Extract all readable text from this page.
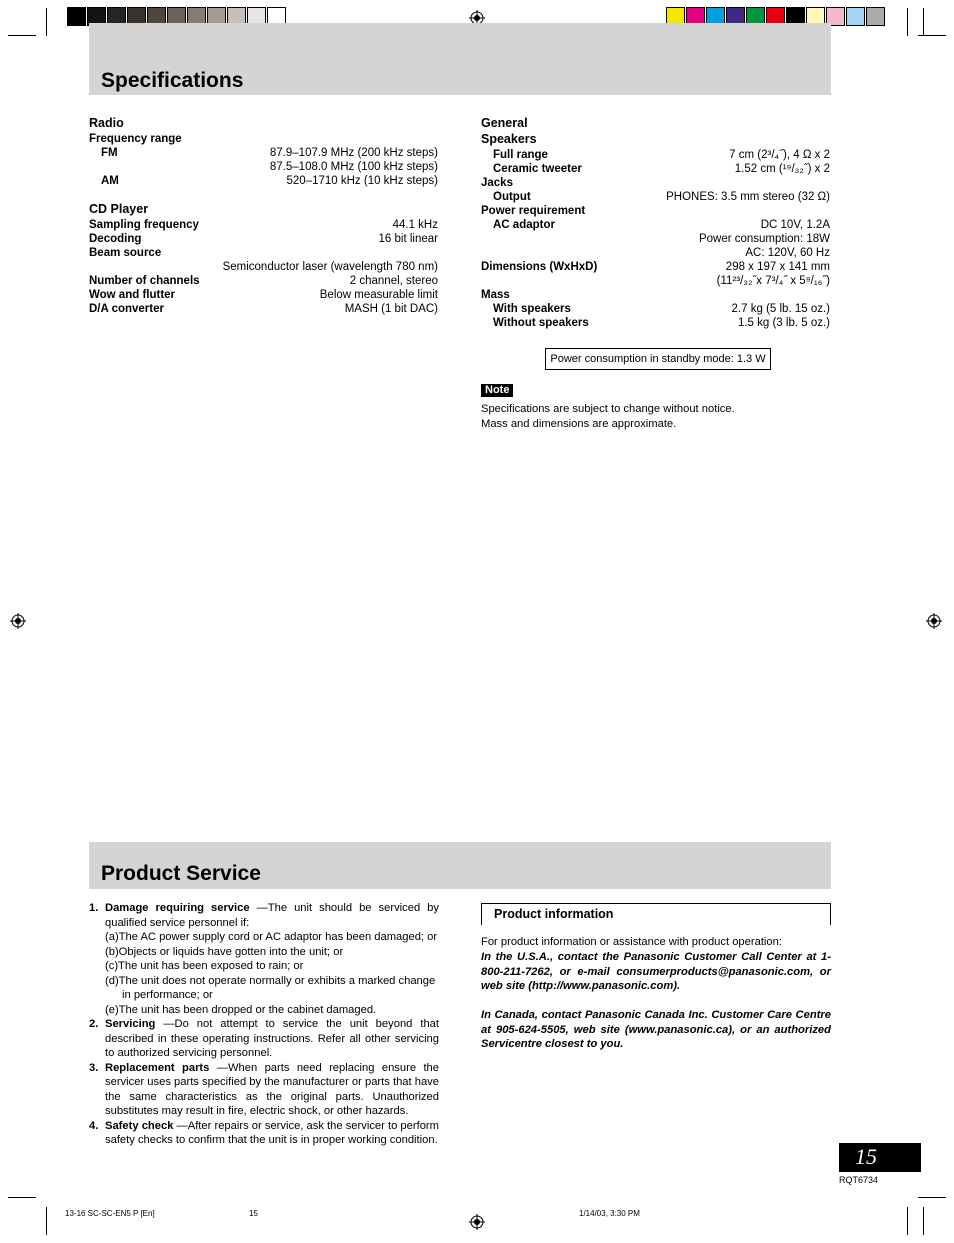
Specifications
Radio
Frequency range
FM	87.9–107.9 MHz (200 kHz steps)
87.5–108.0 MHz (100 kHz steps)
AM	520–1710 kHz (10 kHz steps)
CD Player
Sampling frequency	44.1 kHz
Decoding	16 bit linear
Beam source
Semiconductor laser (wavelength 780 nm)
Number of channels	2 channel, stereo
Wow and flutter	Below measurable limit
D/A converter	MASH (1 bit DAC)
General
Speakers
Full range	7 cm (2³/₄˝), 4 Ω x 2
Ceramic tweeter	1.52 cm (¹⁹/₃₂˝) x 2
Jacks
Output	PHONES: 3.5 mm stereo (32 Ω)
Power requirement
AC adaptor	DC 10V, 1.2A
Power consumption: 18W
AC: 120V, 60 Hz
Dimensions (WxHxD)	298 x 197 x 141 mm
(11²³/₃₂˝x 7³/₄˝ x 5⁹/₁₆˝)
Mass
With speakers	2.7 kg (5 lb. 15 oz.)
Without speakers	1.5 kg (3 lb. 5 oz.)
Power consumption in standby mode: 1.3 W
Note
Specifications are subject to change without notice.
Mass and dimensions are approximate.
Product Service
1. Damage requiring service —The unit should be serviced by qualified service personnel if:
(a)The AC power supply cord or AC adaptor has been damaged; or
(b)Objects or liquids have gotten into the unit; or
(c)The unit has been exposed to rain; or
(d)The unit does not operate normally or exhibits a marked change in performance; or
(e)The unit has been dropped or the cabinet damaged.
2. Servicing —Do not attempt to service the unit beyond that described in these operating instructions. Refer all other servicing to authorized servicing personnel.
3. Replacement parts —When parts need replacing ensure the servicer uses parts specified by the manufacturer or parts that have the same characteristics as the original parts. Unauthorized substitutes may result in fire, electric shock, or other hazards.
4. Safety check —After repairs or service, ask the servicer to perform safety checks to confirm that the unit is in proper working condition.
Product information
For product information or assistance with product operation:
In the U.S.A., contact the Panasonic Customer Call Center at 1-800-211-7262, or e-mail consumerproducts@panasonic.com, or web site (http://www.panasonic.com).
In Canada, contact Panasonic Canada Inc. Customer Care Centre at 905-624-5505, web site (www.panasonic.ca), or an authorized Servicentre closest to you.
15
RQT6734
13-16 SC-SC-EN5 P [En]	15	1/14/03, 3:30 PM
